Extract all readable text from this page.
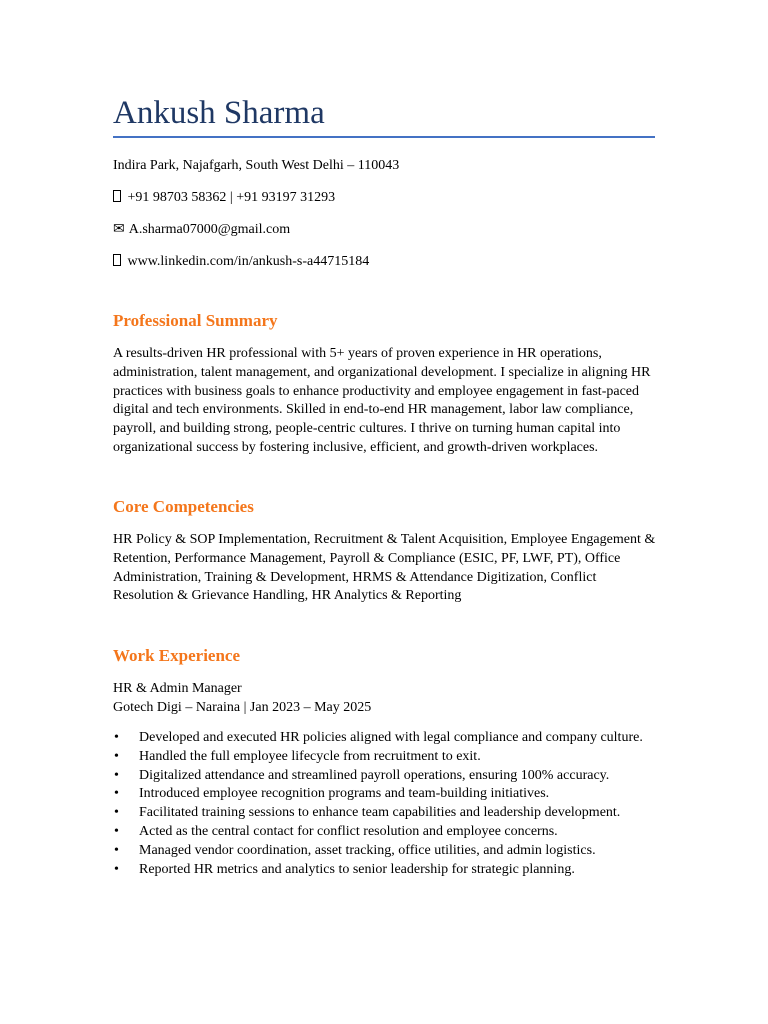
Ankush Sharma
Indira Park, Najafgarh, South West Delhi – 110043
+91 98703 58362 | +91 93197 31293
✉ A.sharma07000@gmail.com
www.linkedin.com/in/ankush-s-a44715184
Professional Summary
A results-driven HR professional with 5+ years of proven experience in HR operations, administration, talent management, and organizational development. I specialize in aligning HR practices with business goals to enhance productivity and employee engagement in fast-paced digital and tech environments. Skilled in end-to-end HR management, labor law compliance, payroll, and building strong, people-centric cultures. I thrive on turning human capital into organizational success by fostering inclusive, efficient, and growth-driven workplaces.
Core Competencies
HR Policy & SOP Implementation, Recruitment & Talent Acquisition, Employee Engagement & Retention, Performance Management, Payroll & Compliance (ESIC, PF, LWF, PT), Office Administration, Training & Development, HRMS & Attendance Digitization, Conflict Resolution & Grievance Handling, HR Analytics & Reporting
Work Experience
HR & Admin Manager
Gotech Digi – Naraina | Jan 2023 – May 2025
• Developed and executed HR policies aligned with legal compliance and company culture.
• Handled the full employee lifecycle from recruitment to exit.
• Digitalized attendance and streamlined payroll operations, ensuring 100% accuracy.
• Introduced employee recognition programs and team-building initiatives.
• Facilitated training sessions to enhance team capabilities and leadership development.
• Acted as the central contact for conflict resolution and employee concerns.
• Managed vendor coordination, asset tracking, office utilities, and admin logistics.
• Reported HR metrics and analytics to senior leadership for strategic planning.
